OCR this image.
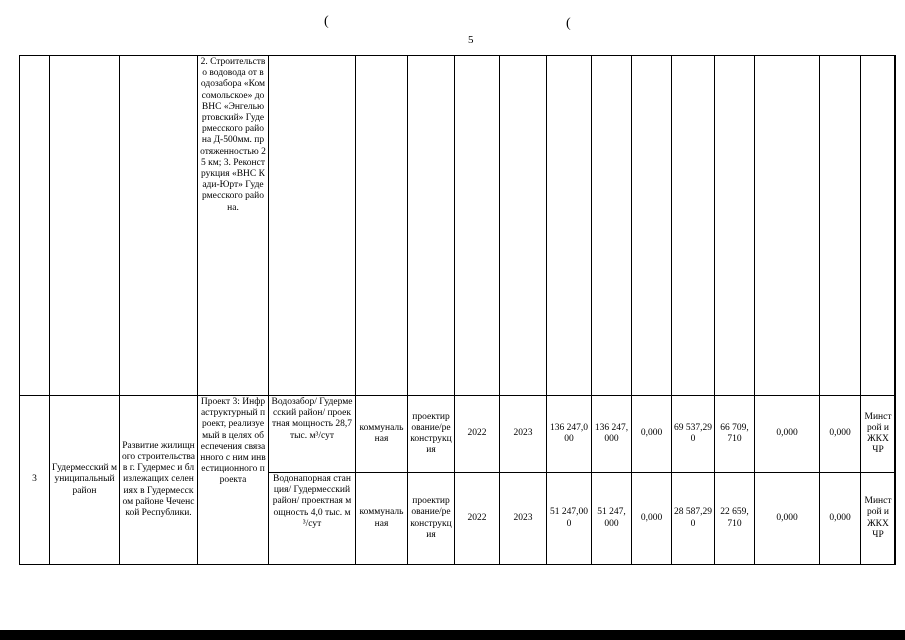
(	(
5
			2. Строительство водовода от водозабора «Комсомольское» до ВНС «Энгельюртовский» Гудермесского района Д-500мм. протяженностью 25 км; 3. Реконструкция «ВНС Кади-Юрт» Гудермесского района.													
3	Гудермесский муниципальный район	Развитие жилищного строительства в г. Гудермес и близлежащих селениях в Гудермесском районе Чеченской Республики.	Проект 3: Инфраструктурный проект, реализуемый в целях обеспечения связанного с ним инвестиционного проекта	Водозабор/ Гудермесский район/ проектная мощность 28,7тыс. м³/сут	коммунальная	проектирование/реконструкция	2022	2023	136 247,000	136 247, 000	0,000	69 537,290	66 709, 710	0,000	0,000	Минстрой и ЖКХ ЧР
				Водонапорная станция/ Гудермесский район/ проектная мощность 4,0 тыс. м³/сут	коммунальная	проектирование/реконструкция	2022	2023	51 247,000	51 247, 000	0,000	28 587,290	22 659, 710	0,000	0,000	Минстрой и ЖКХ ЧР
